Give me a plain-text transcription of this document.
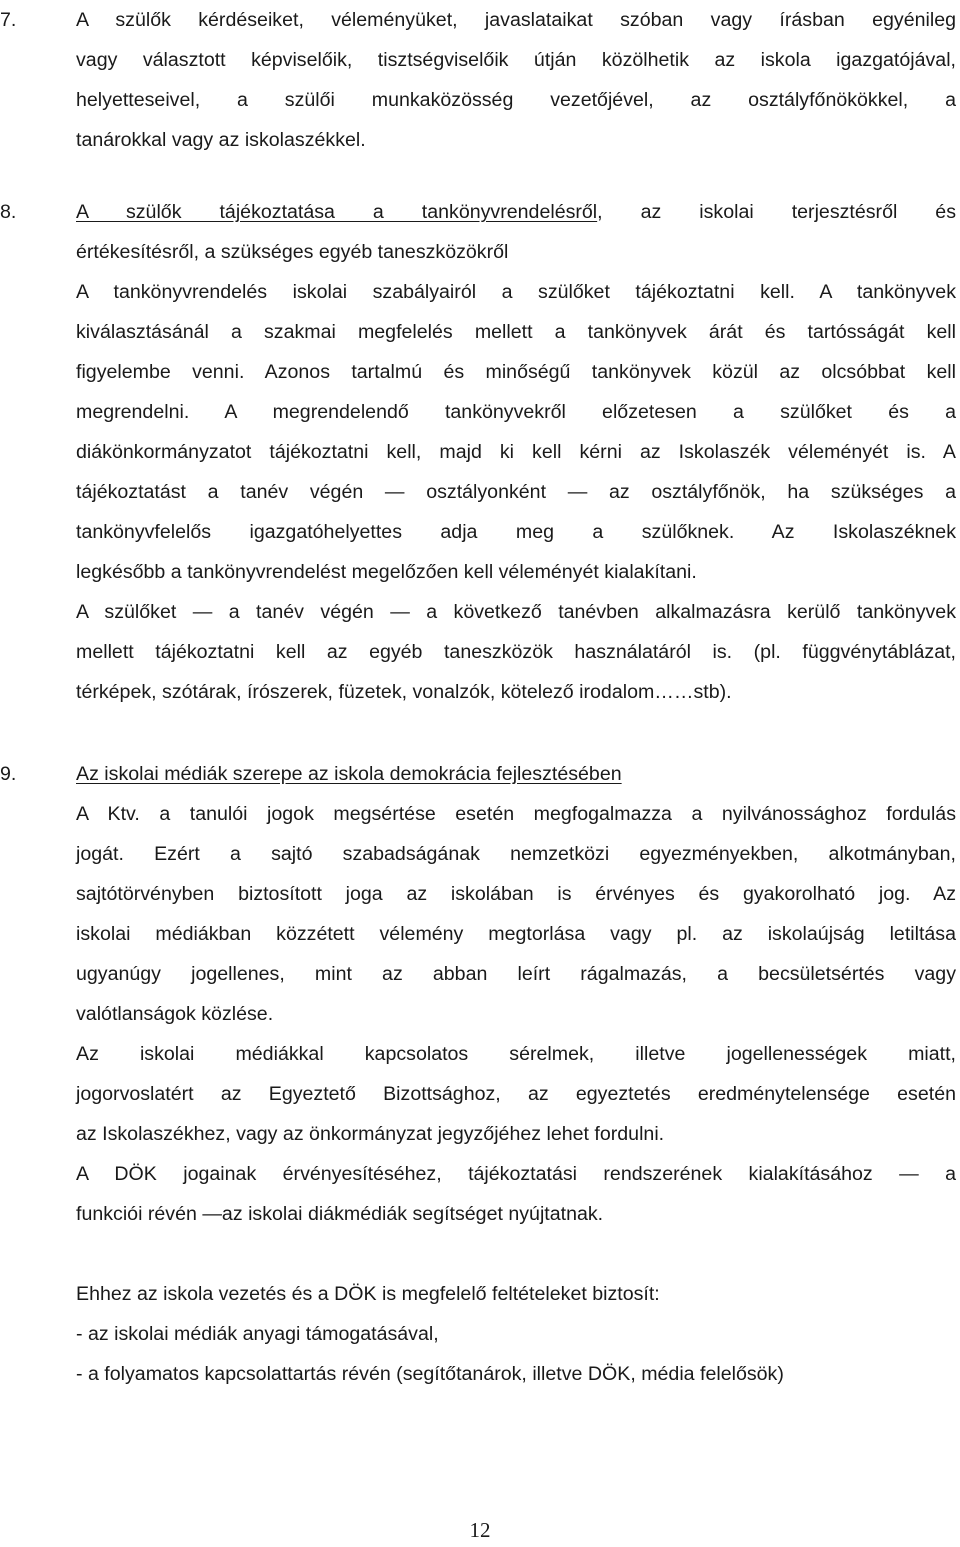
7.	A szülők kérdéseiket, véleményüket, javaslataikat szóban vagy írásban egyénileg
vagy választott képviselőik, tisztségviselőik útján közölhetik az iskola igazgatójával,
helyetteseivel, a szülői munkaközösség vezetőjével, az osztályfőnökökkel, a
tanárokkal vagy az iskolaszékkel.
8.	A szülők tájékoztatása a tankönyvrendelésről, az iskolai terjesztésről és
értékesítésről, a szükséges egyéb taneszközökről
A tankönyvrendelés iskolai szabályairól a szülőket tájékoztatni kell. A tankönyvek
kiválasztásánál a szakmai megfelelés mellett a tankönyvek árát és tartósságát kell
figyelembe venni. Azonos tartalmú és minőségű tankönyvek közül az olcsóbbat kell
megrendelni. A megrendelendő tankönyvekről előzetesen a szülőket és a
diákönkormányzatot tájékoztatni kell, majd ki kell kérni az Iskolaszék véleményét is. A
tájékoztatást a tanév végén — osztályonként — az osztályfőnök, ha szükséges a
tankönyvfelelős igazgatóhelyettes adja meg a szülőknek. Az Iskolaszéknek
legkésőbb a tankönyvrendelést megelőzően kell véleményét kialakítani.
A szülőket — a tanév végén — a következő tanévben alkalmazásra kerülő tankönyvek
mellett tájékoztatni kell az egyéb taneszközök használatáról is. (pl. függvénytáblázat,
térképek, szótárak, írószerek, füzetek, vonalzók, kötelező irodalom……stb).
9.	Az iskolai médiák szerepe az iskola demokrácia fejlesztésében
A Ktv. a tanulói jogok megsértése esetén megfogalmazza a nyilvánossághoz fordulás
jogát. Ezért a sajtó szabadságának nemzetközi egyezményekben, alkotmányban,
sajtótörvényben biztosított joga az iskolában is érvényes és gyakorolható jog. Az
iskolai médiákban közzétett vélemény megtorlása vagy pl. az iskolaújság letiltása
ugyanúgy jogellenes, mint az abban leírt rágalmazás, a becsületsértés vagy
valótlanságok közlése.
Az iskolai médiákkal kapcsolatos sérelmek, illetve jogellenességek miatt,
jogorvoslatért az Egyeztető Bizottsághoz, az egyeztetés eredménytelensége esetén
az Iskolaszékhez, vagy az önkormányzat jegyzőjéhez lehet fordulni.
A DÖK jogainak érvényesítéséhez, tájékoztatási rendszerének kialakításához — a
funkciói révén —az iskolai diákmédiák segítséget nyújtatnak.
Ehhez az iskola vezetés és a DÖK is megfelelő feltételeket biztosít:
- az iskolai médiák anyagi támogatásával,
- a folyamatos kapcsolattartás révén (segítőtanárok, illetve DÖK, média felelősök)
12
